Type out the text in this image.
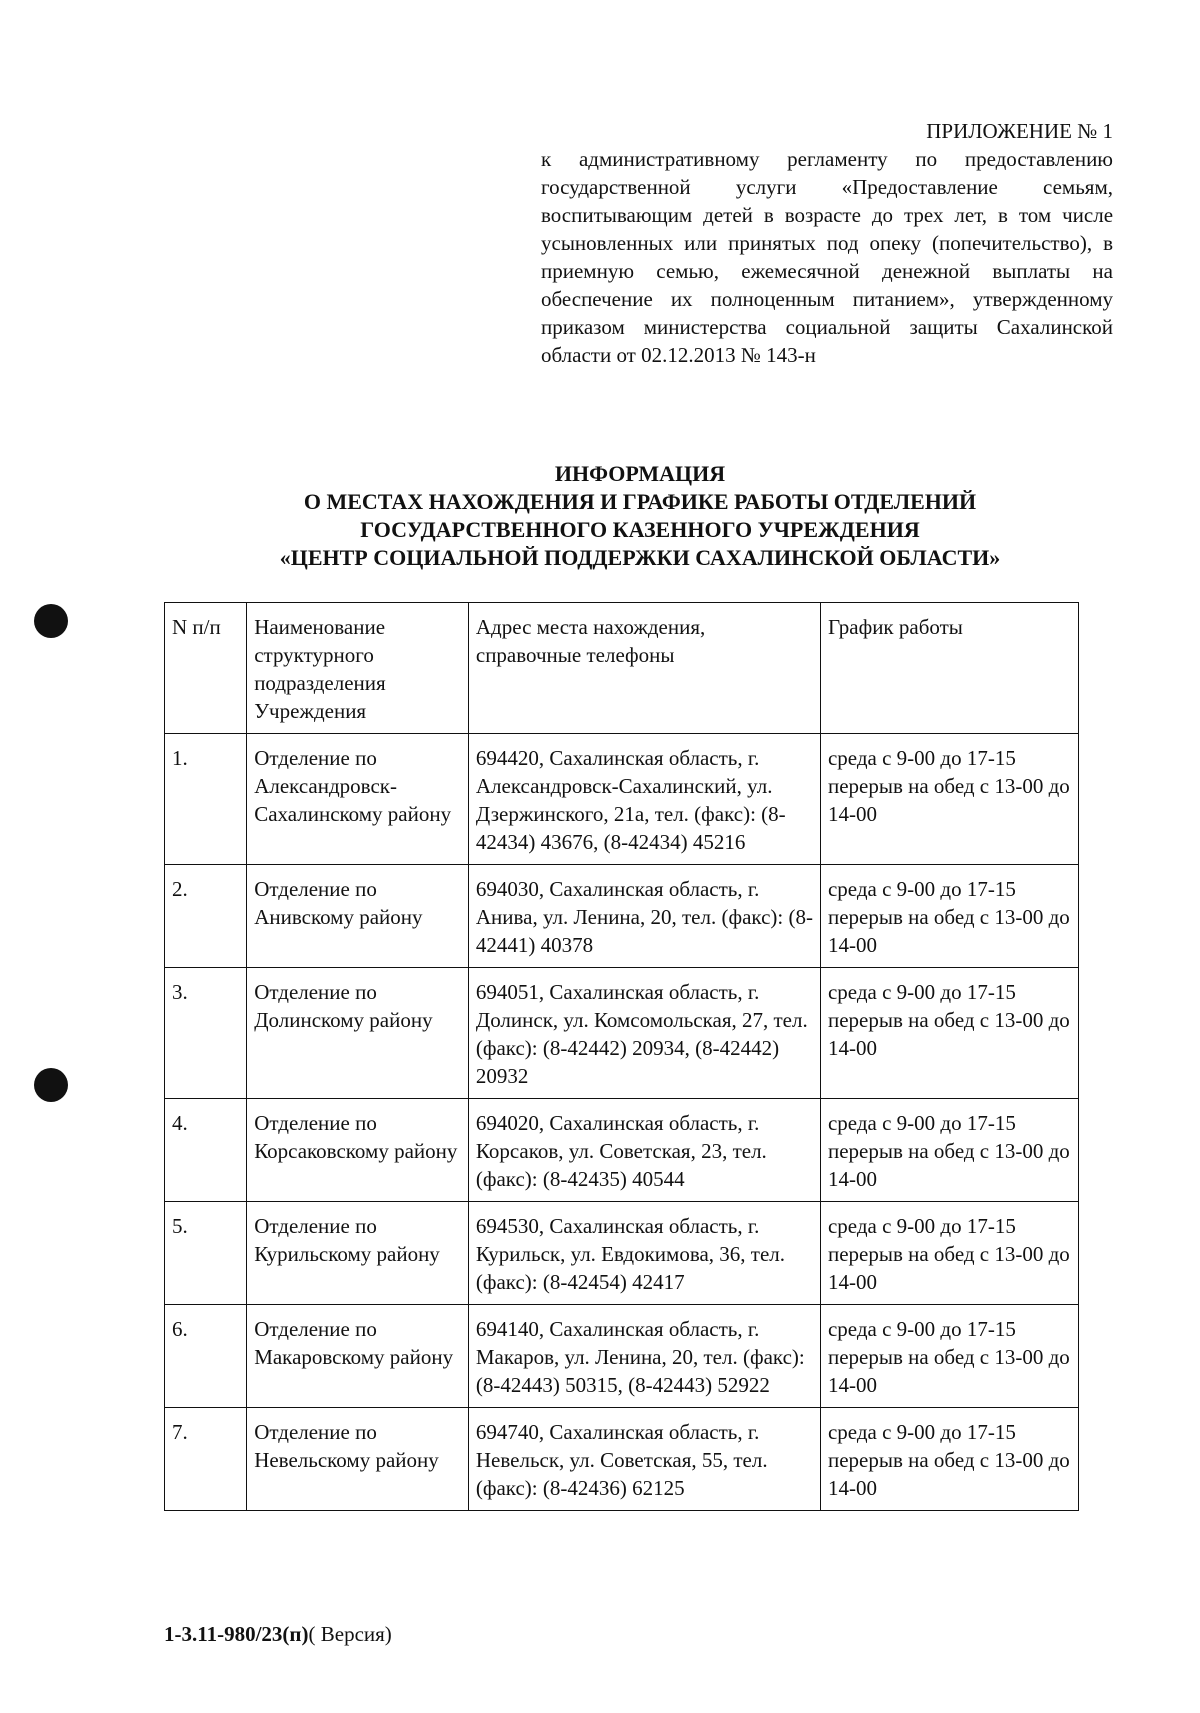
ПРИЛОЖЕНИЕ № 1
к административному регламенту по предоставлению государственной услуги «Предоставление семьям, воспитывающим детей в возрасте до трех лет, в том числе усыновленных или принятых под опеку (попечительство), в приемную семью, ежемесячной денежной выплаты на обеспечение их полноценным питанием», утвержденному приказом министерства социальной защиты Сахалинской области от 02.12.2013 № 143-н
ИНФОРМАЦИЯ
О МЕСТАХ НАХОЖДЕНИЯ И ГРАФИКЕ РАБОТЫ ОТДЕЛЕНИЙ
ГОСУДАРСТВЕННОГО КАЗЕННОГО УЧРЕЖДЕНИЯ
«ЦЕНТР СОЦИАЛЬНОЙ ПОДДЕРЖКИ САХАЛИНСКОЙ ОБЛАСТИ»
N п/п	Наименование структурного подразделения Учреждения	Адрес места нахождения, справочные телефоны	График работы
1.	Отделение по Александровск-Сахалинскому району	694420, Сахалинская область, г. Александровск-Сахалинский, ул. Дзержинского, 21а, тел. (факс): (8-42434) 43676, (8-42434) 45216	среда с 9-00 до 17-15 перерыв на обед с 13-00 до 14-00
2.	Отделение по Анивскому району	694030, Сахалинская область, г. Анива, ул. Ленина, 20, тел. (факс): (8-42441) 40378	среда с 9-00 до 17-15 перерыв на обед с 13-00 до 14-00
3.	Отделение по Долинскому району	694051, Сахалинская область, г. Долинск, ул. Комсомольская, 27, тел. (факс): (8-42442) 20934, (8-42442) 20932	среда с 9-00 до 17-15 перерыв на обед с 13-00 до 14-00
4.	Отделение по Корсаковскому району	694020, Сахалинская область, г. Корсаков, ул. Советская, 23, тел. (факс): (8-42435) 40544	среда с 9-00 до 17-15 перерыв на обед с 13-00 до 14-00
5.	Отделение по Курильскому району	694530, Сахалинская область, г. Курильск, ул. Евдокимова, 36, тел. (факс): (8-42454) 42417	среда с 9-00 до 17-15 перерыв на обед с 13-00 до 14-00
6.	Отделение по Макаровскому району	694140, Сахалинская область, г. Макаров, ул. Ленина, 20, тел. (факс): (8-42443) 50315, (8-42443) 52922	среда с 9-00 до 17-15 перерыв на обед с 13-00 до 14-00
7.	Отделение по Невельскому району	694740, Сахалинская область, г. Невельск, ул. Советская, 55, тел. (факс): (8-42436) 62125	среда с 9-00 до 17-15 перерыв на обед с 13-00 до 14-00
1-3.11-980/23(п)( Версия)
